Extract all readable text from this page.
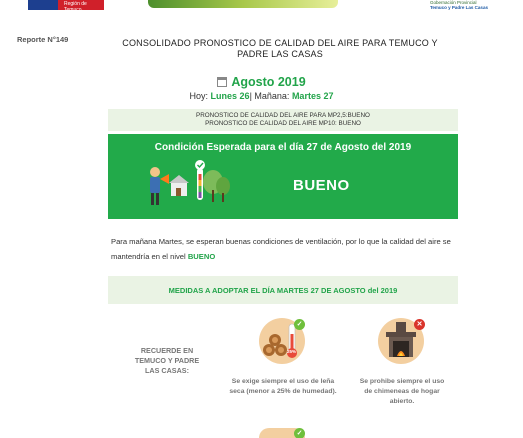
Región de Temuco
Gobernación Provincial
Temuco y Padre Las Casas
Reporte N°149	CONSOLIDADO PRONOSTICO DE CALIDAD DEL AIRE PARA TEMUCO Y PADRE LAS CASAS
Agosto 2019
Hoy: Lunes 26| Mañana: Martes 27
PRONOSTICO DE CALIDAD DEL AIRE PARA MP2,5:BUENO
PRONOSTICO DE CALIDAD DEL AIRE MP10: BUENO
Condición Esperada para el día 27 de Agosto del 2019
BUENO
Para mañana Martes, se esperan buenas condiciones de ventilación, por lo que la calidad del aire se mantendría en el nivel BUENO
MEDIDAS A ADOPTAR EL DÍA MARTES 27 DE AGOSTO del 2019
RECUERDE EN TEMUCO Y PADRE LAS CASAS:
25%
✓
Se exige siempre el uso de leña seca (menor a 25% de humedad).
✕
Se prohibe siempre el uso de chimeneas de hogar abierto.
✓
